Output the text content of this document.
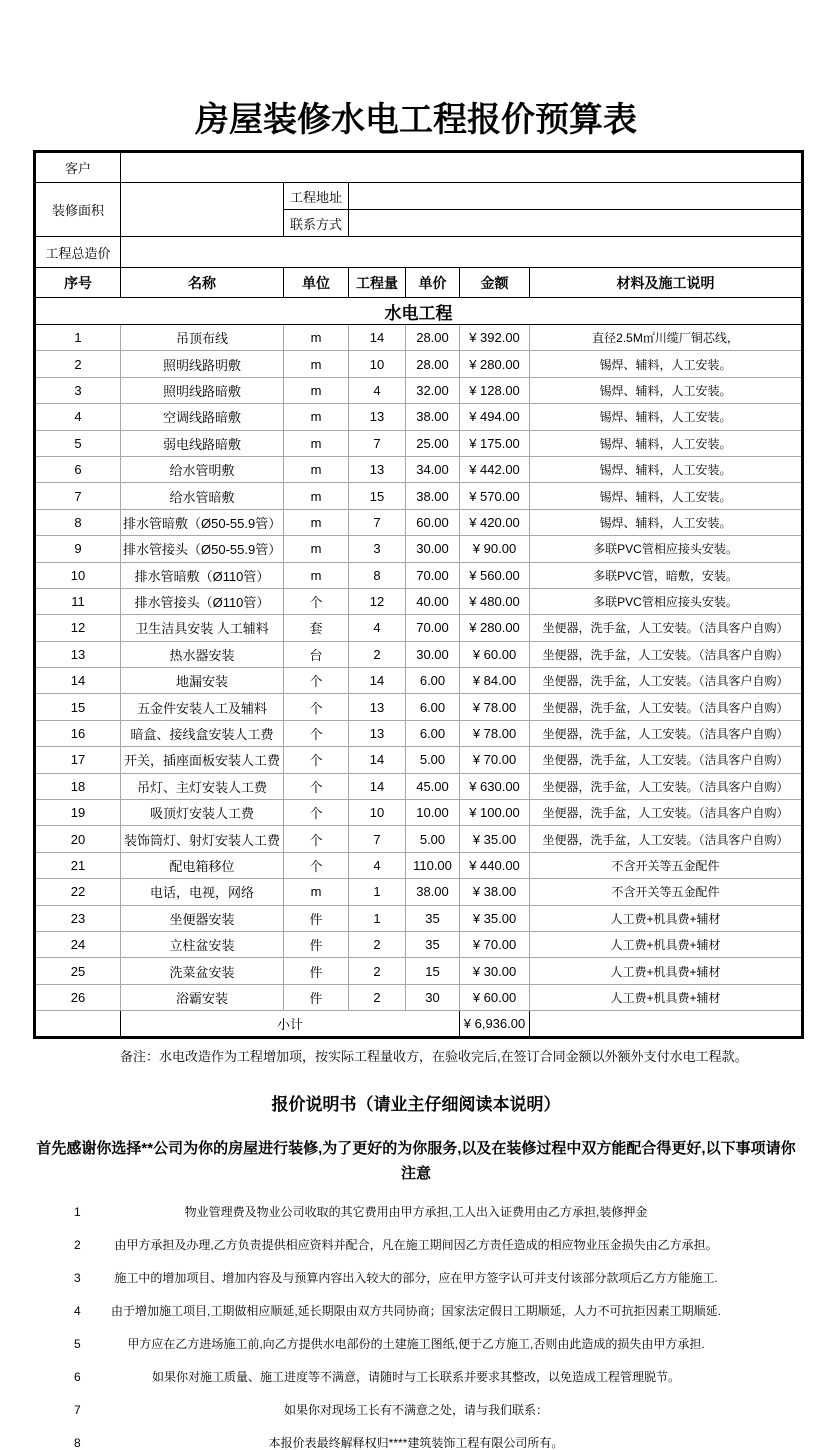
房屋装修水电工程报价预算表
客户						
装修面积		工程地址				
		联系方式				
工程总造价						
序号	名称	单位	工程量	单价	金额	材料及施工说明
水电工程						
1	吊顶布线	m	14	28.00	¥ 392.00	直径2.5M㎡川缆厂铜芯线，
2	照明线路明敷	m	10	28.00	¥ 280.00	锡焊、辅料，人工安装。
3	照明线路暗敷	m	4	32.00	¥ 128.00	锡焊、辅料，人工安装。
4	空调线路暗敷	m	13	38.00	¥ 494.00	锡焊、辅料，人工安装。
5	弱电线路暗敷	m	7	25.00	¥ 175.00	锡焊、辅料，人工安装。
6	给水管明敷	m	13	34.00	¥ 442.00	锡焊、辅料，人工安装。
7	给水管暗敷	m	15	38.00	¥ 570.00	锡焊、辅料，人工安装。
8	排水管暗敷（Ø50-55.9管）	m	7	60.00	¥ 420.00	锡焊、辅料，人工安装。
9	排水管接头（Ø50-55.9管）	m	3	30.00	¥ 90.00	多联PVC管相应接头安装。
10	排水管暗敷（Ø110管）	m	8	70.00	¥ 560.00	多联PVC管，暗敷，安装。
11	排水管接头（Ø110管）	个	12	40.00	¥ 480.00	多联PVC管相应接头安装。
12	卫生洁具安装 人工辅料	套	4	70.00	¥ 280.00	坐便器，洗手盆，人工安装。（洁具客户自购）
13	热水器安装	台	2	30.00	¥ 60.00	坐便器，洗手盆，人工安装。（洁具客户自购）
14	地漏安装	个	14	6.00	¥ 84.00	坐便器，洗手盆，人工安装。（洁具客户自购）
15	五金件安装人工及辅料	个	13	6.00	¥ 78.00	坐便器，洗手盆，人工安装。（洁具客户自购）
16	暗盒、接线盒安装人工费	个	13	6.00	¥ 78.00	坐便器，洗手盆，人工安装。（洁具客户自购）
17	开关，插座面板安装人工费	个	14	5.00	¥ 70.00	坐便器，洗手盆，人工安装。（洁具客户自购）
18	吊灯、主灯安装人工费	个	14	45.00	¥ 630.00	坐便器，洗手盆，人工安装。（洁具客户自购）
19	吸顶灯安装人工费	个	10	10.00	¥ 100.00	坐便器，洗手盆，人工安装。（洁具客户自购）
20	装饰筒灯、射灯安装人工费	个	7	5.00	¥ 35.00	坐便器，洗手盆，人工安装。（洁具客户自购）
21	配电箱移位	个	4	110.00	¥ 440.00	不含开关等五金配件
22	电话，电视，网络	m	1	38.00	¥ 38.00	不含开关等五金配件
23	坐便器安装	件	1	35	¥ 35.00	人工费+机具费+辅材
24	立柱盆安装	件	2	35	¥ 70.00	人工费+机具费+辅材
25	洗菜盆安装	件	2	15	¥ 30.00	人工费+机具费+辅材
26	浴霸安装	件	2	30	¥ 60.00	人工费+机具费+辅材
	小计				¥ 6,936.00	
备注：水电改造作为工程增加项，按实际工程量收方，在验收完后,在签订合同金额以外额外支付水电工程款。
报价说明书（请业主仔细阅读本说明）
首先感谢你选择**公司为你的房屋进行装修,为了更好的为你服务,以及在装修过程中双方能配合得更好,以下事项请你注意
1	物业管理费及物业公司收取的其它费用由甲方承担,工人出入证费用由乙方承担,装修押金
2	由甲方承担及办理,乙方负责提供相应资料并配合，凡在施工期间因乙方责任造成的相应物业压金损失由乙方承担。
3	施工中的增加项目、增加内容及与预算内容出入较大的部分，应在甲方签字认可并支付该部分款项后乙方方能施工.
4	由于增加施工项目,工期做相应顺延,延长期限由双方共同协商；国家法定假日工期顺延，人力不可抗拒因素工期顺延.
5	甲方应在乙方进场施工前,向乙方提供水电部份的土建施工图纸,便于乙方施工,否则由此造成的损失由甲方承担.
6	如果你对施工质量、施工进度等不满意，请随时与工长联系并要求其整改，以免造成工程管理脱节。
7	如果你对现场工长有不满意之处，请与我们联系：
8	本报价表最终解释权归****建筑装饰工程有限公司所有。
